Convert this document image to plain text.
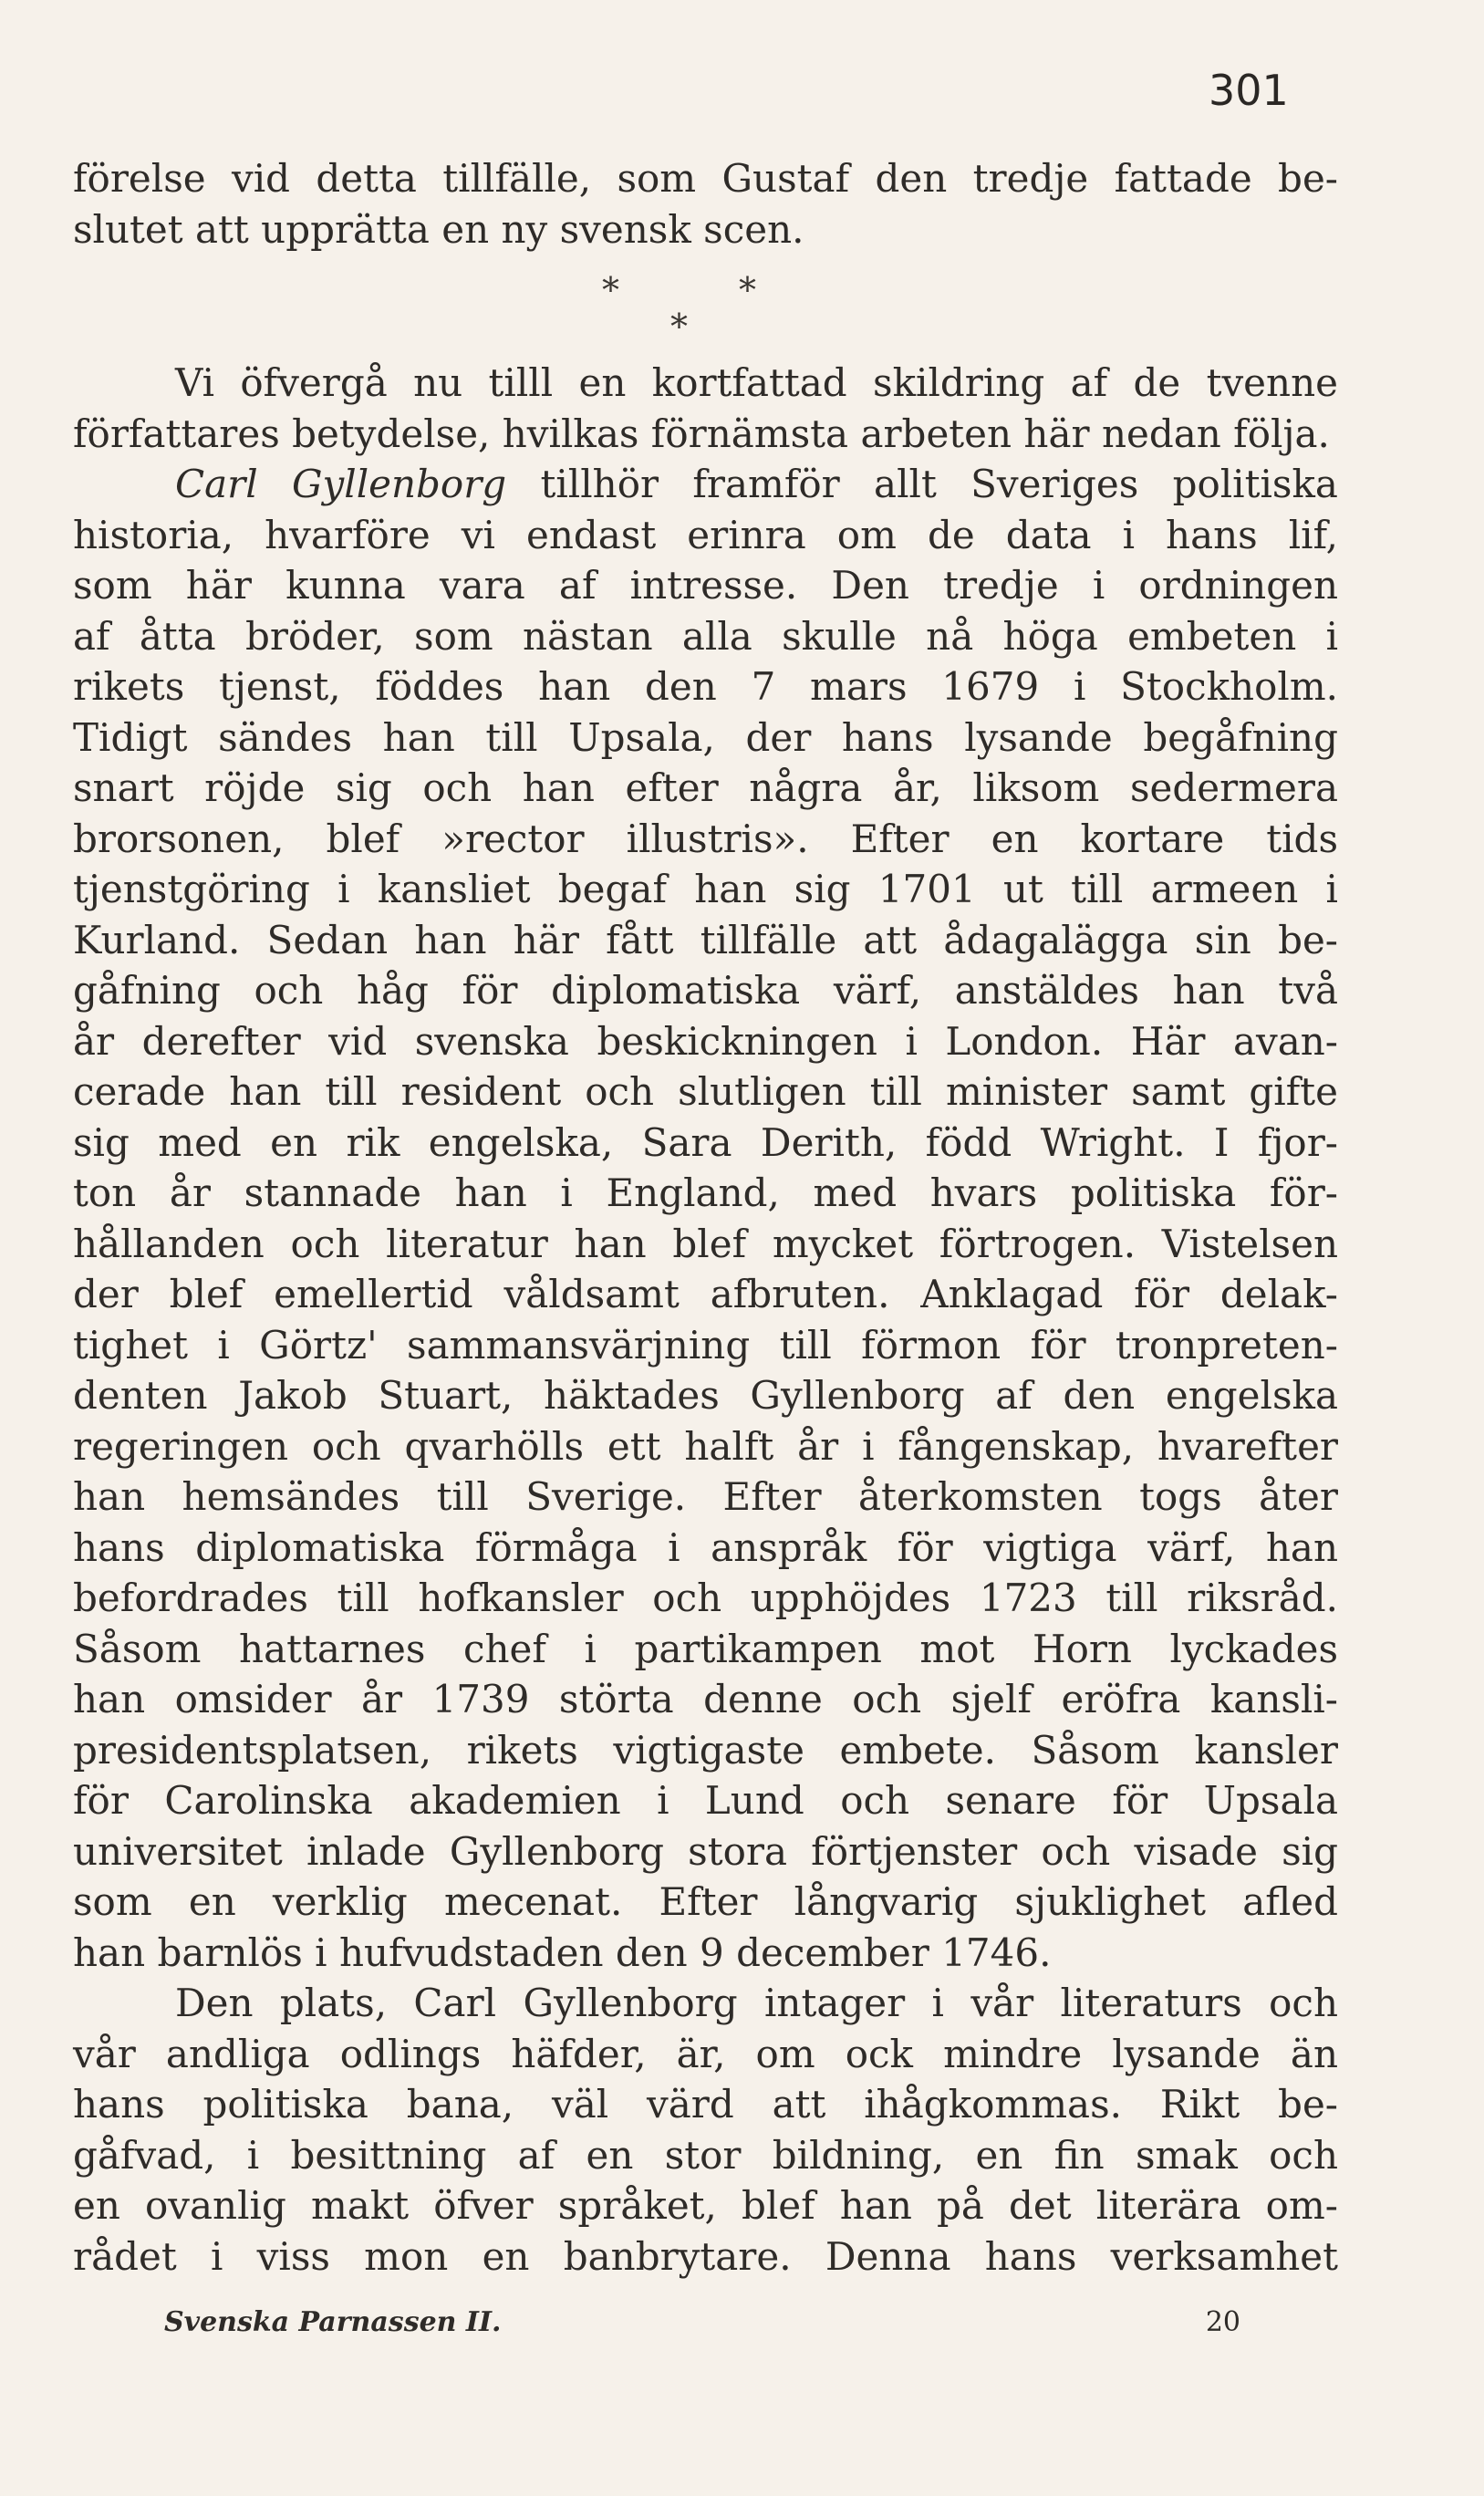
301
förelse vid detta tillfälle, som Gustaf den tredje fattade be-
slutet att upprätta en ny svensk scen.
*	*
*
Vi öfvergå nu tilll en kortfattad skildring af de tvenne
författares betydelse, hvilkas förnämsta arbeten här nedan följa.
Carl Gyllenborg tillhör framför allt Sveriges politiska
historia, hvarföre vi endast erinra om de data i hans lif,
som här kunna vara af intresse. Den tredje i ordningen
af åtta bröder, som nästan alla skulle nå höga embeten i
rikets tjenst, föddes han den 7 mars 1679 i Stockholm.
Tidigt sändes han till Upsala, der hans lysande begåfning
snart röjde sig och han efter några år, liksom sedermera
brorsonen, blef »rector illustris». Efter en kortare tids
tjenstgöring i kansliet begaf han sig 1701 ut till armeen i
Kurland. Sedan han här fått tillfälle att ådagalägga sin be-
gåfning och håg för diplomatiska värf, anstäldes han två
år derefter vid svenska beskickningen i London. Här avan-
cerade han till resident och slutligen till minister samt gifte
sig med en rik engelska, Sara Derith, född Wright. I fjor-
ton år stannade han i England, med hvars politiska för-
hållanden och literatur han blef mycket förtrogen. Vistelsen
der blef emellertid våldsamt afbruten. Anklagad för delak-
tighet i Görtz' sammansvärjning till förmon för tronpreten-
denten Jakob Stuart, häktades Gyllenborg af den engelska
regeringen och qvarhölls ett halft år i fångenskap, hvarefter
han hemsändes till Sverige. Efter återkomsten togs åter
hans diplomatiska förmåga i anspråk för vigtiga värf, han
befordrades till hofkansler och upphöjdes 1723 till riksråd.
Såsom hattarnes chef i partikampen mot Horn lyckades
han omsider år 1739 störta denne och sjelf eröfra kansli-
presidentsplatsen, rikets vigtigaste embete. Såsom kansler
för Carolinska akademien i Lund och senare för Upsala
universitet inlade Gyllenborg stora förtjenster och visade sig
som en verklig mecenat. Efter långvarig sjuklighet afled
han barnlös i hufvudstaden den 9 december 1746.
Den plats, Carl Gyllenborg intager i vår literaturs och
vår andliga odlings häfder, är, om ock mindre lysande än
hans politiska bana, väl värd att ihågkommas. Rikt be-
gåfvad, i besittning af en stor bildning, en fin smak och
en ovanlig makt öfver språket, blef han på det literära om-
rådet i viss mon en banbrytare. Denna hans verksamhet
Svenska Parnassen II.	20
